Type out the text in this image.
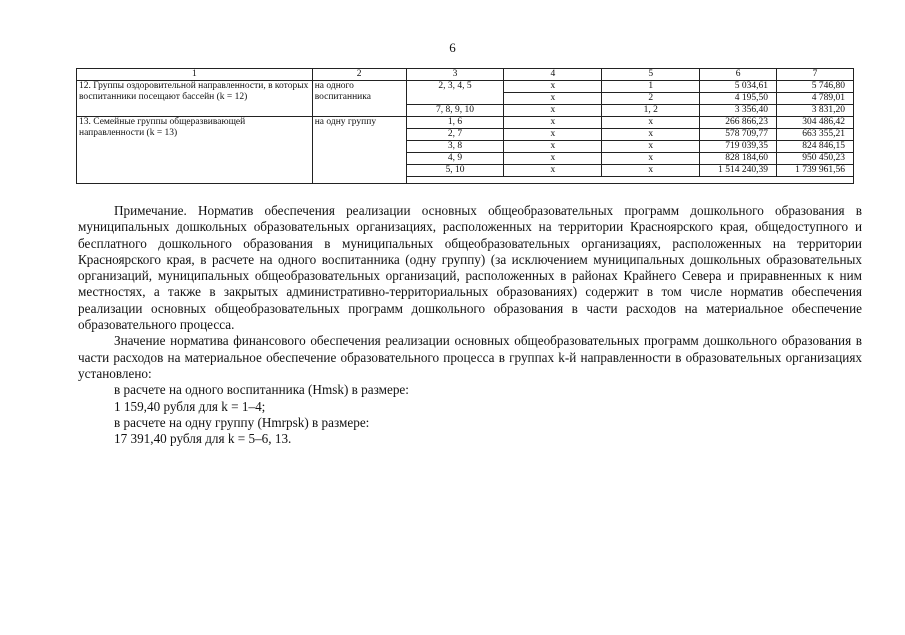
6
1	2	3	4	5	6	7
12. Группы оздоровительной направленности, в которых воспитанники посещают бассейн (k = 12)	на одного воспитанника	2, 3, 4, 5	х	1	5 034,61	5 746,80
			х	2	4 195,50	4 789,01
		7, 8, 9, 10	х	1, 2	3 356,40	3 831,20
13. Семейные группы общеразвивающей направленности (k = 13)	на одну группу	1, 6	х	х	266 866,23	304 486,42
		2, 7	х	х	578 709,77	663 355,21
		3, 8	х	х	719 039,35	824 846,15
		4, 9	х	х	828 184,60	950 450,23
		5, 10	х	х	1 514 240,39	1 739 961,56

Примечание. Норматив обеспечения реализации основных общеобразовательных программ дошкольного образования в муниципальных дошкольных образовательных организациях, расположенных на территории Красноярского края, общедоступного и бесплатного дошкольного образования в муниципальных общеобразовательных организациях, расположенных на территории Красноярского края, в расчете на одного воспитанника (одну группу) (за исключением муниципальных дошкольных образовательных организаций, муниципальных общеобразовательных организаций, расположенных в районах Крайнего Севера и приравненных к ним местностях, а также в закрытых административно-территориальных образованиях) содержит в том числе норматив обеспечения реализации основных общеобразовательных программ дошкольного образования в части расходов на материальное обеспечение образовательного процесса.

Значение норматива финансового обеспечения реализации основных общеобразовательных программ дошкольного образования в части расходов на материальное обеспечение образовательного процесса в группах k-й направленности в образовательных организациях установлено:

в расчете на одного воспитанника (Hmsk) в размере:

1 159,40 рубля для k = 1–4;

в расчете на одну группу (Hmrpsk) в размере:

17 391,40 рубля для k = 5–6, 13.
